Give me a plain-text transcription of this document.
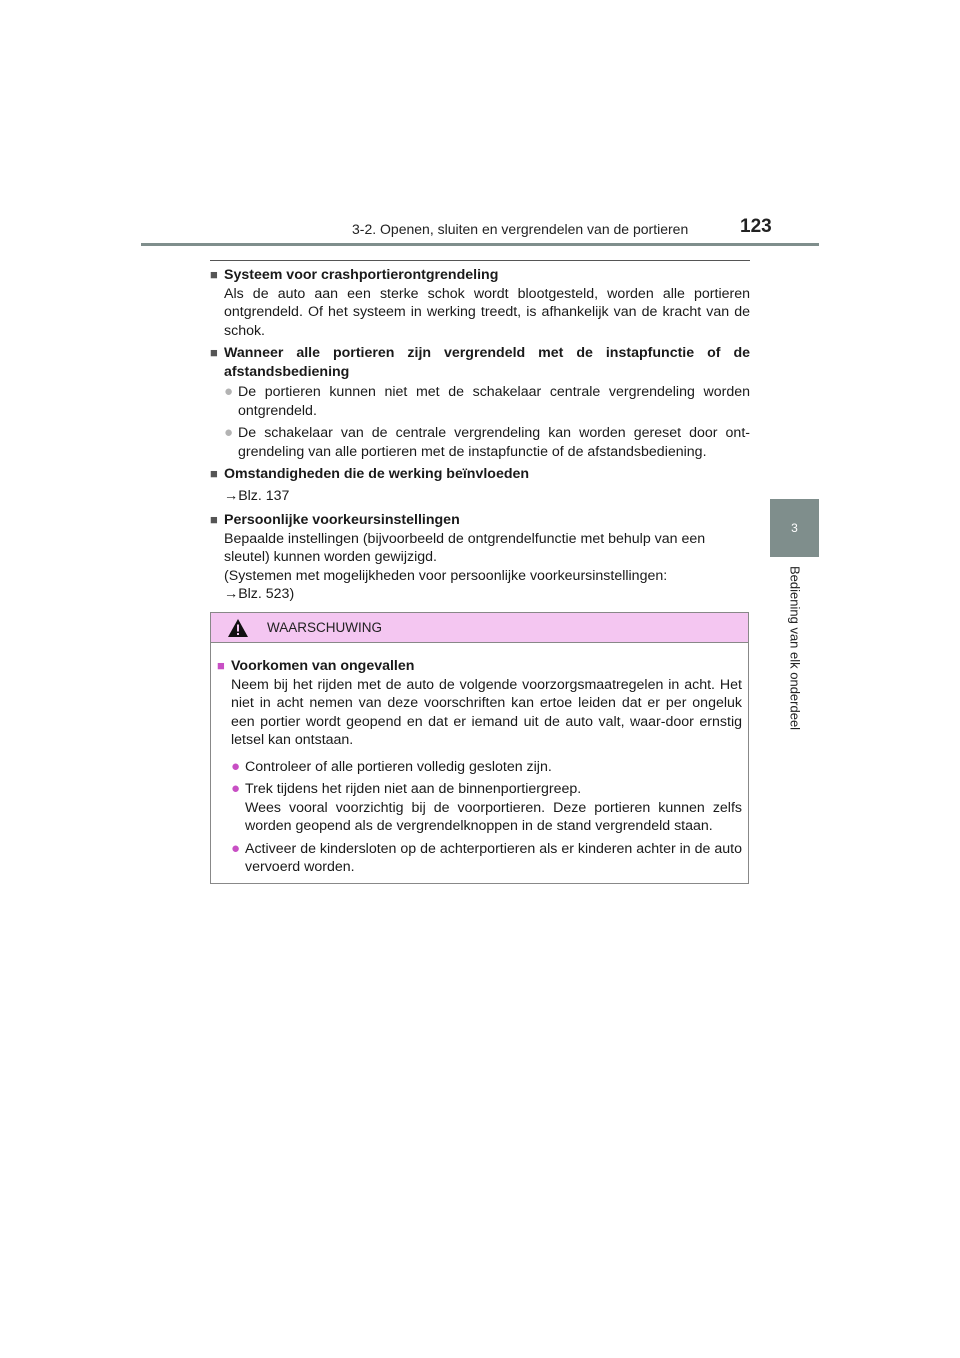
3-2. Openen, sluiten en vergrendelen van de portieren	123
3
Bediening van elk onderdeel
■ Systeem voor crashportierontgrendeling
Als de auto aan een sterke schok wordt blootgesteld, worden alle portieren ontgrendeld. Of het systeem in werking treedt, is afhankelijk van de kracht van de schok.
■ Wanneer alle portieren zijn vergrendeld met de instapfunctie of de afstandsbediening
● De portieren kunnen niet met de schakelaar centrale vergrendeling worden ontgrendeld.
● De schakelaar van de centrale vergrendeling kan worden gereset door ont-grendeling van alle portieren met de instapfunctie of de afstandsbediening.
■ Omstandigheden die de werking beïnvloeden
→Blz. 137
■ Persoonlijke voorkeursinstellingen
Bepaalde instellingen (bijvoorbeeld de ontgrendelfunctie met behulp van een sleutel) kunnen worden gewijzigd.
(Systemen met mogelijkheden voor persoonlijke voorkeursinstellingen:
→Blz. 523)
WAARSCHUWING
■ Voorkomen van ongevallen
Neem bij het rijden met de auto de volgende voorzorgsmaatregelen in acht. Het niet in acht nemen van deze voorschriften kan ertoe leiden dat er per ongeluk een portier wordt geopend en dat er iemand uit de auto valt, waar-door ernstig letsel kan ontstaan.
● Controleer of alle portieren volledig gesloten zijn.
● Trek tijdens het rijden niet aan de binnenportiergreep.
Wees vooral voorzichtig bij de voorportieren. Deze portieren kunnen zelfs worden geopend als de vergrendelknoppen in de stand vergrendeld staan.
● Activeer de kindersloten op de achterportieren als er kinderen achter in de auto vervoerd worden.
